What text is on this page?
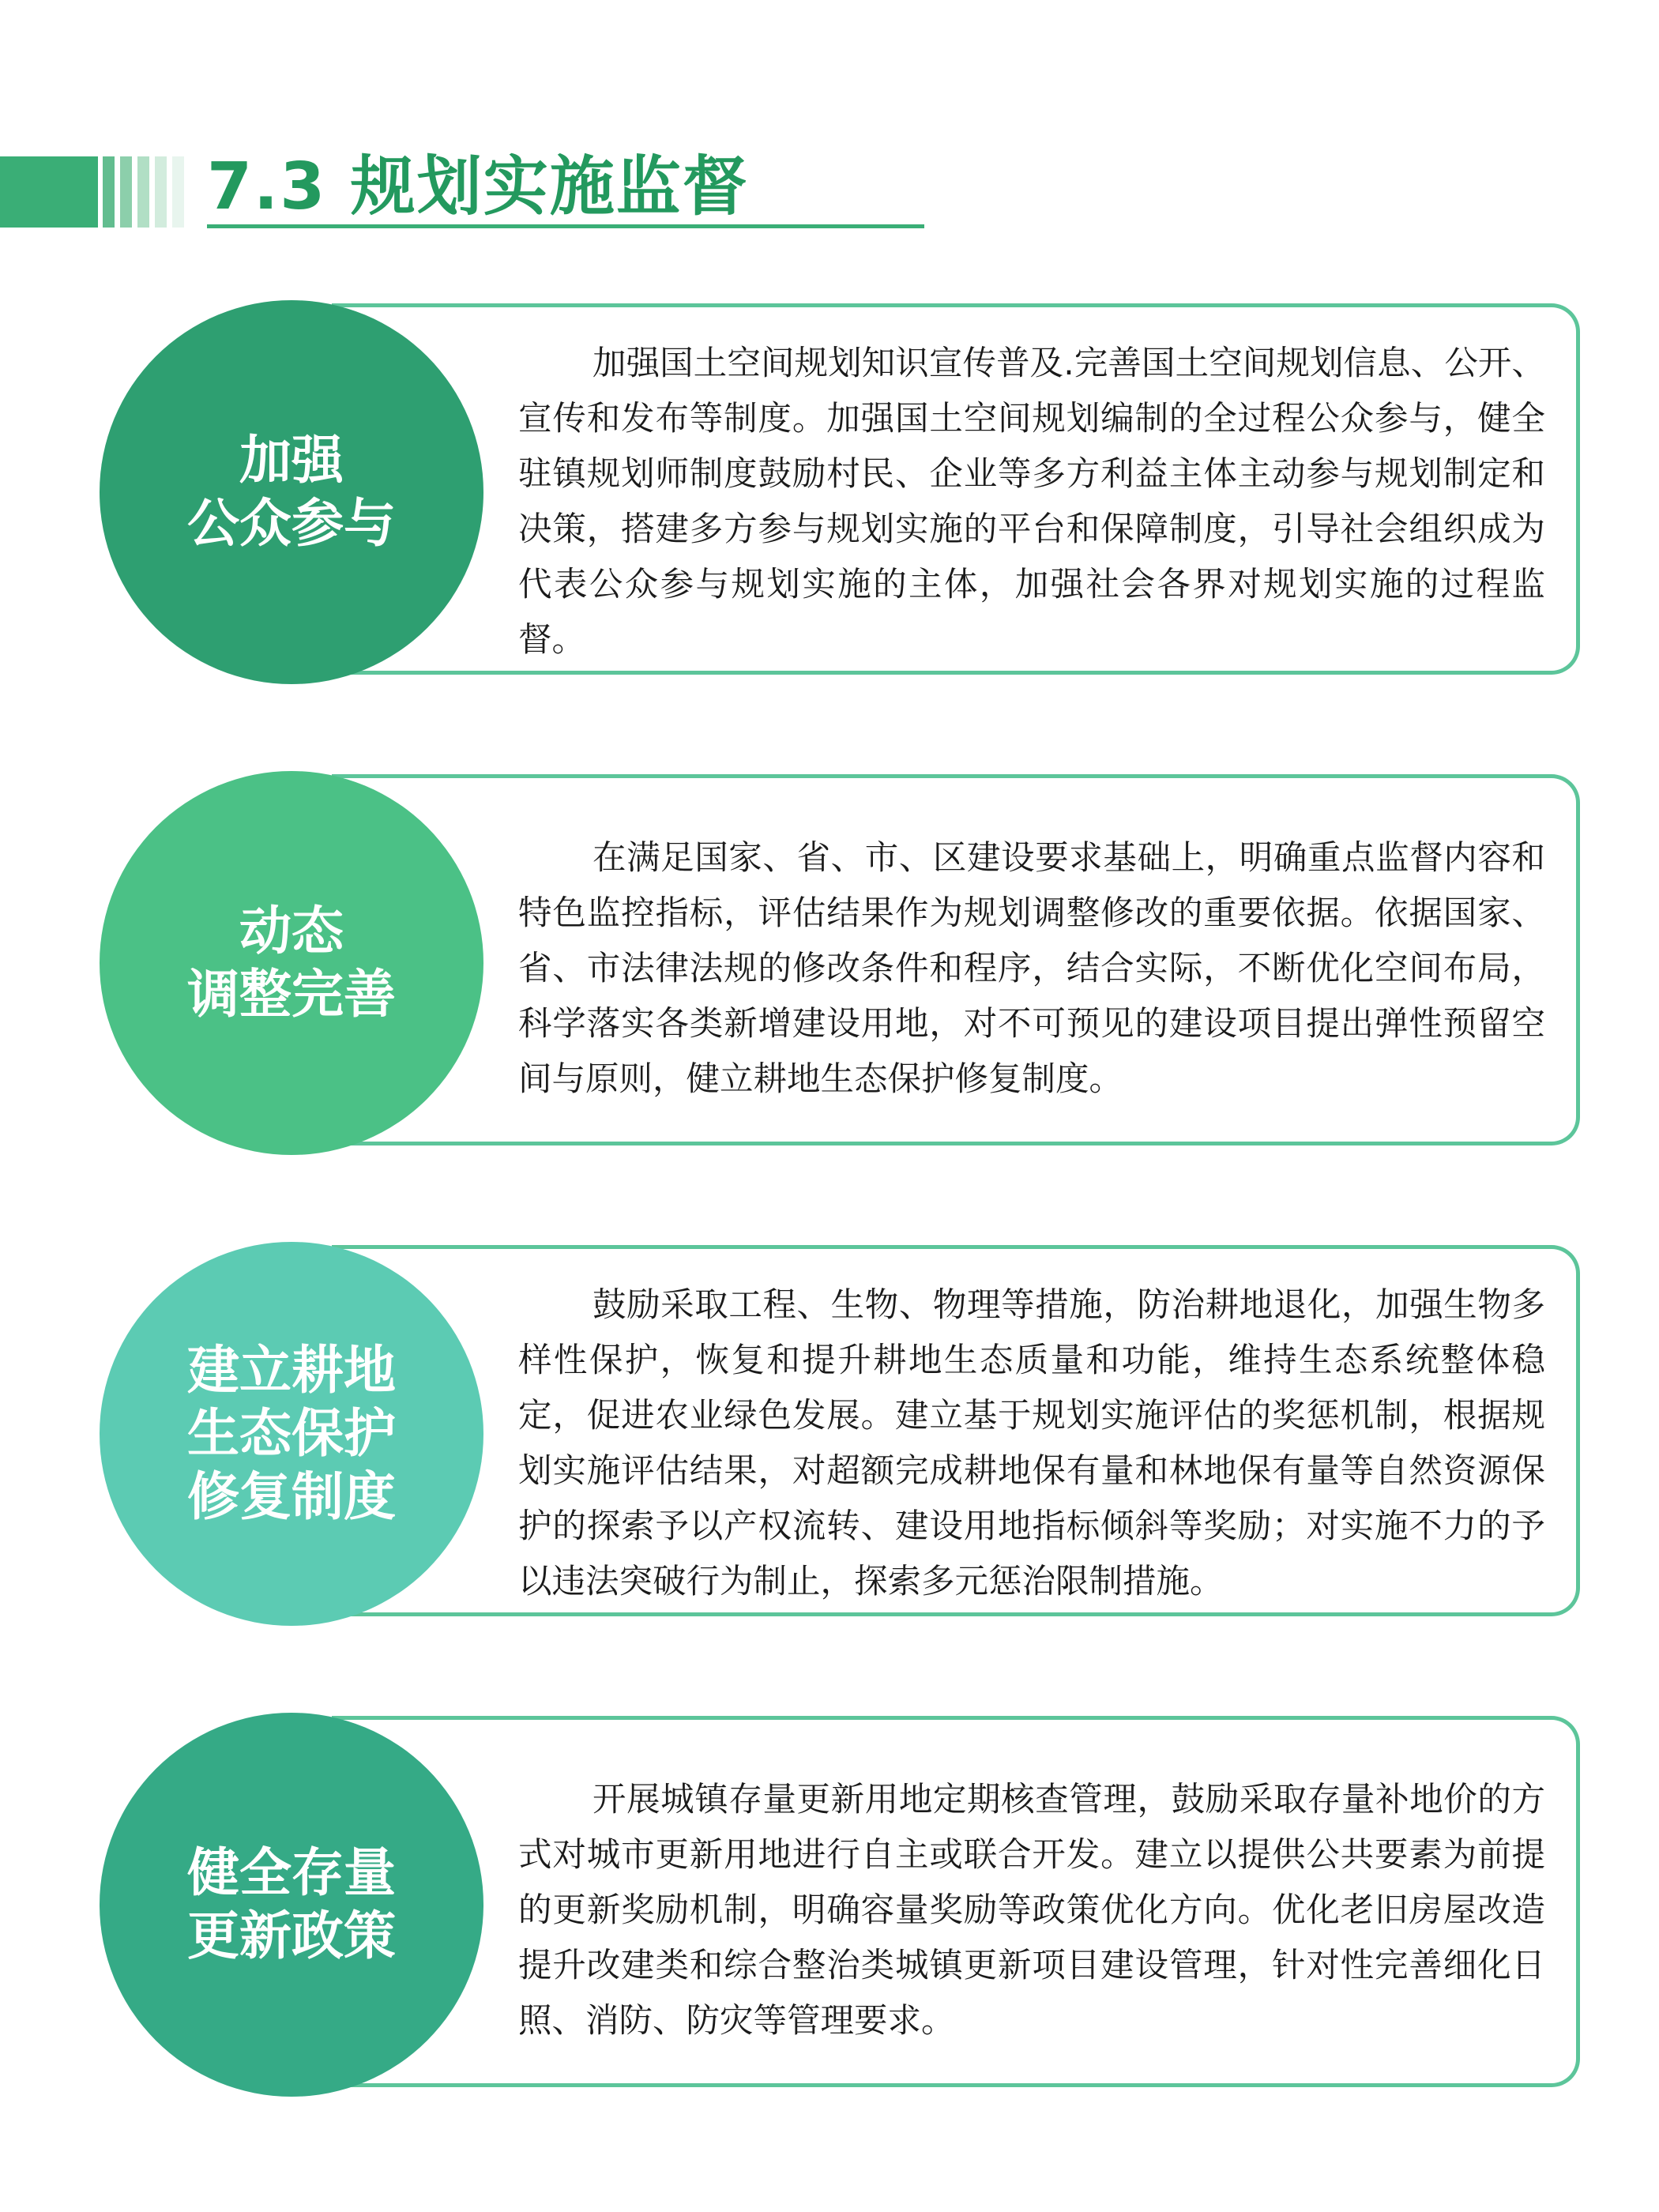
7.3 规划实施监督
加强
公众参与
加强国土空间规划知识宣传普及.完善国土空间规划信息、公开、宣传和发布等制度。加强国土空间规划编制的全过程公众参与，健全驻镇规划师制度鼓励村民、企业等多方利益主体主动参与规划制定和决策，搭建多方参与规划实施的平台和保障制度，引导社会组织成为代表公众参与规划实施的主体，加强社会各界对规划实施的过程监督。
动态
调整完善
在满足国家、省、市、区建设要求基础上，明确重点监督内容和特色监控指标，评估结果作为规划调整修改的重要依据。依据国家、省、市法律法规的修改条件和程序，结合实际，不断优化空间布局，科学落实各类新增建设用地，对不可预见的建设项目提出弹性预留空间与原则，健立耕地生态保护修复制度。
建立耕地
生态保护
修复制度
鼓励采取工程、生物、物理等措施，防治耕地退化，加强生物多样性保护，恢复和提升耕地生态质量和功能，维持生态系统整体稳定，促进农业绿色发展。建立基于规划实施评估的奖惩机制，根据规划实施评估结果，对超额完成耕地保有量和林地保有量等自然资源保护的探索予以产权流转、建设用地指标倾斜等奖励；对实施不力的予以违法突破行为制止，探索多元惩治限制措施。
健全存量
更新政策
开展城镇存量更新用地定期核查管理，鼓励采取存量补地价的方式对城市更新用地进行自主或联合开发。建立以提供公共要素为前提的更新奖励机制，明确容量奖励等政策优化方向。优化老旧房屋改造提升改建类和综合整治类城镇更新项目建设管理，针对性完善细化日照、消防、防灾等管理要求。
